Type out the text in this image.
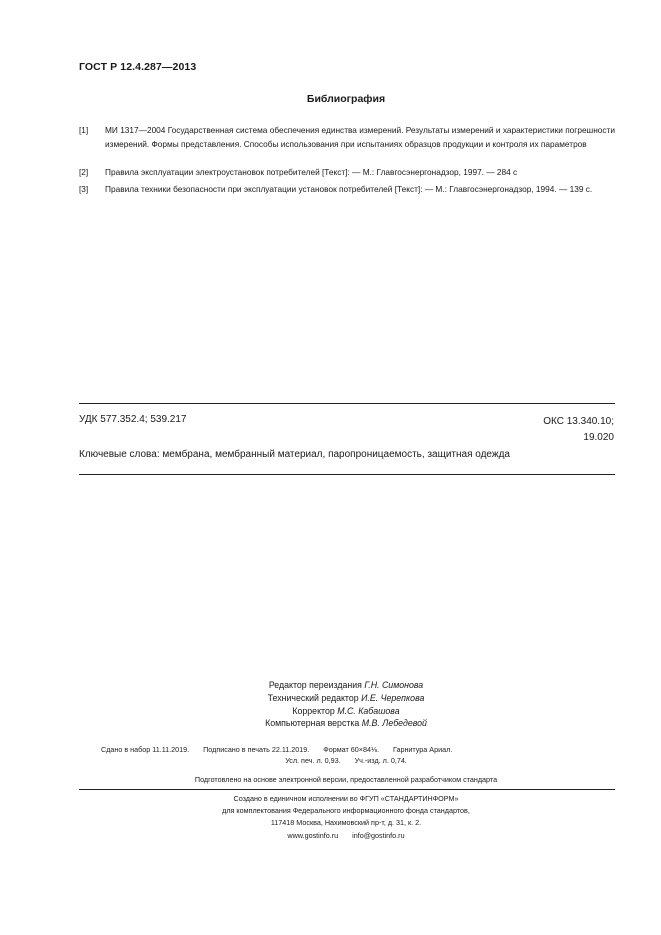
ГОСТ Р 12.4.287—2013
Библиография
[1] МИ 1317—2004 Государственная система обеспечения единства измерений. Результаты измерений и характеристики погрешности измерений. Формы представления. Способы использования при испытаниях образцов продукции и контроля их параметров
[2] Правила эксплуатации электроустановок потребителей [Текст]: — М.: Главгосэнергонадзор, 1997. — 284 с
[3] Правила техники безопасности при эксплуатации установок потребителей [Текст]: — М.: Главгосэнергонадзор, 1994. — 139 с.
УДК 577.352.4; 539.217	ОКС 13.340.10;
19.020
Ключевые слова: мембрана, мембранный материал, паропроницаемость, защитная одежда
Редактор переиздания Г.Н. Симонова
Технический редактор И.Е. Черепкова
Корректор М.С. Кабашова
Компьютерная верстка М.В. Лебедевой
Сдано в набор 11.11.2019.       Подписано в печать 22.11.2019.       Формат 60×84⅛.       Гарнитура Ариал.
Усл. печ. л. 0,93.       Уч.-изд. л. 0,74.
Подготовлено на основе электронной версии, предоставленной разработчиком стандарта
Создано в единичном исполнении во ФГУП «СТАНДАРТИНФОРМ»
для комплектования Федерального информационного фонда стандартов,
117418 Москва, Нахимовский пр-т, д. 31, к. 2.
www.gostinfo.ru       info@gostinfo.ru
